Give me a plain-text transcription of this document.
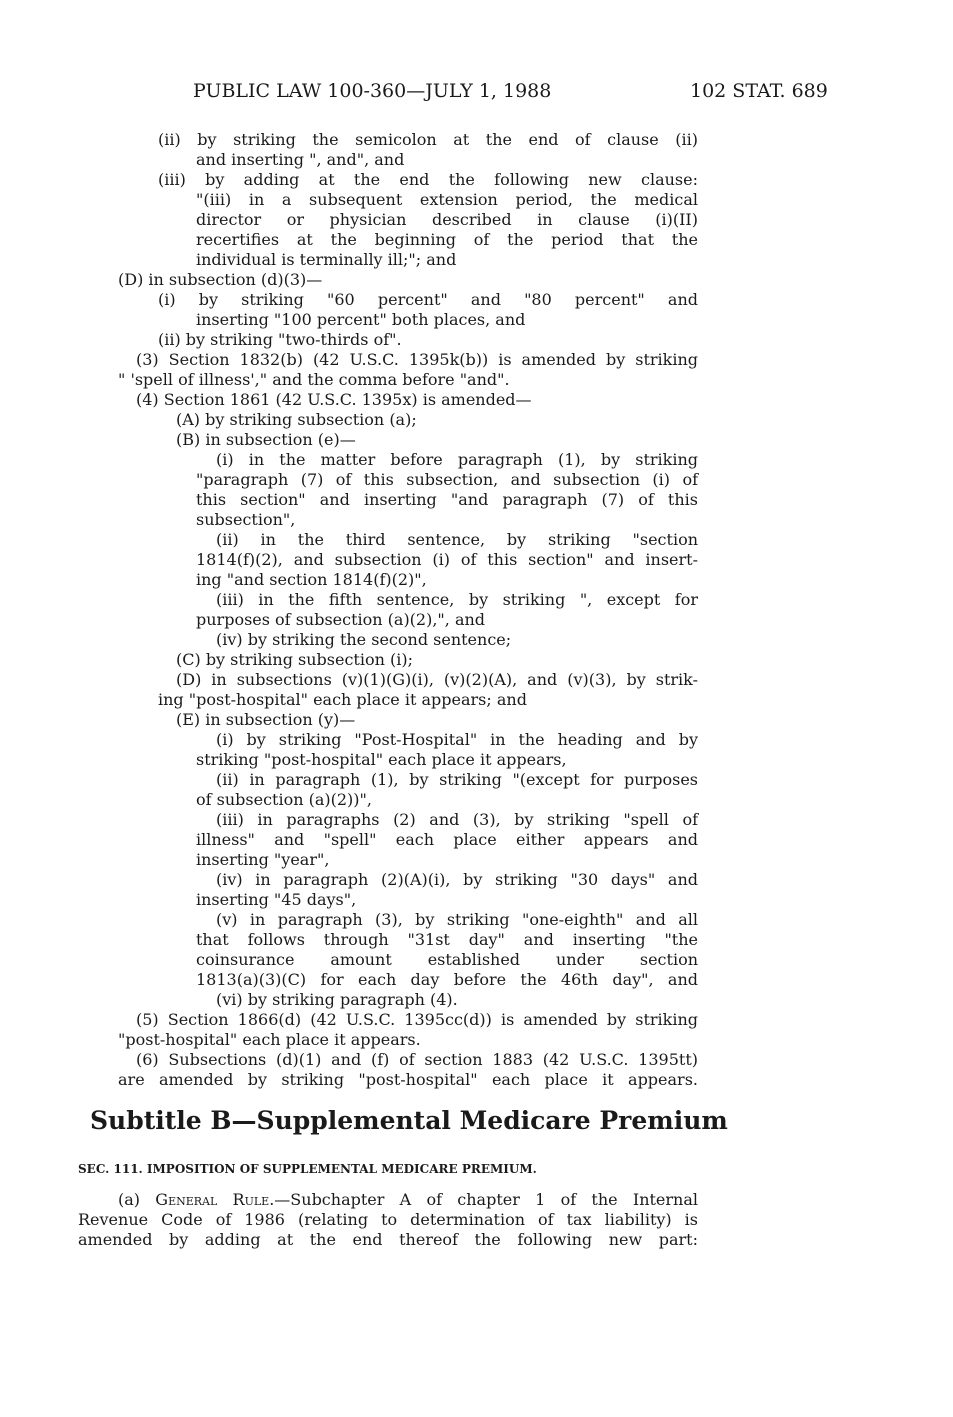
PUBLIC LAW 100-360—JULY 1, 1988	102 STAT. 689
(ii) by striking the semicolon at the end of clause (ii)
and inserting ", and", and
(iii) by adding at the end the following new clause:
"(iii) in a subsequent extension period, the medical
director or physician described in clause (i)(II)
recertifies at the beginning of the period that the
individual is terminally ill;"; and
(D) in subsection (d)(3)—
(i) by striking "60 percent" and "80 percent" and
inserting "100 percent" both places, and
(ii) by striking "two-thirds of".
(3) Section 1832(b) (42 U.S.C. 1395k(b)) is amended by striking
" 'spell of illness'," and the comma before "and".
(4) Section 1861 (42 U.S.C. 1395x) is amended—
(A) by striking subsection (a);
(B) in subsection (e)—
(i) in the matter before paragraph (1), by striking
"paragraph (7) of this subsection, and subsection (i) of
this section" and inserting "and paragraph (7) of this
subsection",
(ii) in the third sentence, by striking "section
1814(f)(2), and subsection (i) of this section" and insert-
ing "and section 1814(f)(2)",
(iii) in the fifth sentence, by striking ", except for
purposes of subsection (a)(2),", and
(iv) by striking the second sentence;
(C) by striking subsection (i);
(D) in subsections (v)(1)(G)(i), (v)(2)(A), and (v)(3), by strik-
ing "post-hospital" each place it appears; and
(E) in subsection (y)—
(i) by striking "Post-Hospital" in the heading and by
striking "post-hospital" each place it appears,
(ii) in paragraph (1), by striking "(except for purposes
of subsection (a)(2))",
(iii) in paragraphs (2) and (3), by striking "spell of
illness" and "spell" each place either appears and
inserting "year",
(iv) in paragraph (2)(A)(i), by striking "30 days" and
inserting "45 days",
(v) in paragraph (3), by striking "one-eighth" and all
that follows through "31st day" and inserting "the
coinsurance amount established under section
1813(a)(3)(C) for each day before the 46th day", and
(vi) by striking paragraph (4).
(5) Section 1866(d) (42 U.S.C. 1395cc(d)) is amended by striking
"post-hospital" each place it appears.
(6) Subsections (d)(1) and (f) of section 1883 (42 U.S.C. 1395tt)
are amended by striking "post-hospital" each place it appears.
Subtitle B—Supplemental Medicare Premium
SEC. 111. IMPOSITION OF SUPPLEMENTAL MEDICARE PREMIUM.
(a) General Rule.—Subchapter A of chapter 1 of the Internal
Revenue Code of 1986 (relating to determination of tax liability) is
amended by adding at the end thereof the following new part:
